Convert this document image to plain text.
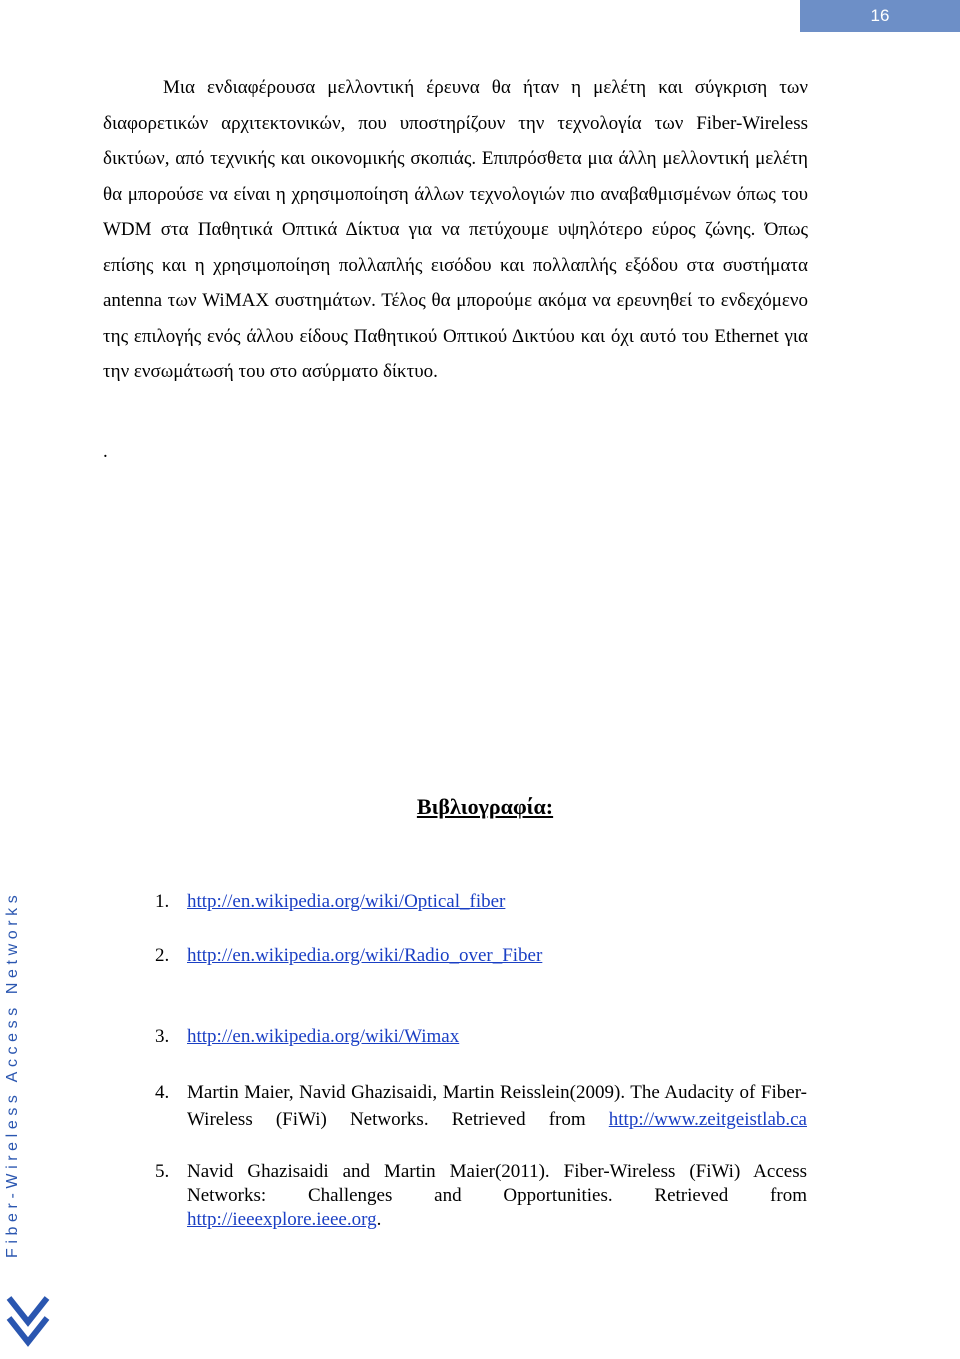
16

Μια ενδιαφέρουσα μελλοντική έρευνα θα ήταν η μελέτη και σύγκριση των διαφορετικών αρχιτεκτονικών, που υποστηρίζουν την τεχνολογία των Fiber-Wireless δικτύων, από τεχνικής και οικονομικής σκοπιάς. Επιπρόσθετα μια άλλη μελλοντική μελέτη θα μπορούσε να είναι η χρησιμοποίηση άλλων τεχνολογιών πιο αναβαθμισμένων όπως του WDM στα Παθητικά Οπτικά Δίκτυα για να πετύχουμε υψηλότερο εύρος ζώνης. Όπως επίσης και η χρησιμοποίηση πολλαπλής εισόδου και πολλαπλής εξόδου στα συστήματα antenna των WiMAX συστημάτων. Τέλος θα μπορούμε ακόμα να ερευνηθεί το ενδεχόμενο της επιλογής ενός άλλου είδους Παθητικού Οπτικού Δικτύου και όχι αυτό του Ethernet για την ενσωμάτωσή του στο ασύρματο δίκτυο.

.
Βιβλιογραφία:
1. http://en.wikipedia.org/wiki/Optical_fiber
2. http://en.wikipedia.org/wiki/Radio_over_Fiber
3. http://en.wikipedia.org/wiki/Wimax
4. Martin Maier, Navid Ghazisaidi, Martin Reisslein(2009). The Audacity of Fiber-Wireless (FiWi) Networks. Retrieved from http://www.zeitgeistlab.ca
5. Navid Ghazisaidi and Martin Maier(2011). Fiber-Wireless (FiWi) Access Networks: Challenges and Opportunities. Retrieved from http://ieeexplore.ieee.org.
Fiber-Wireless Access Networks
